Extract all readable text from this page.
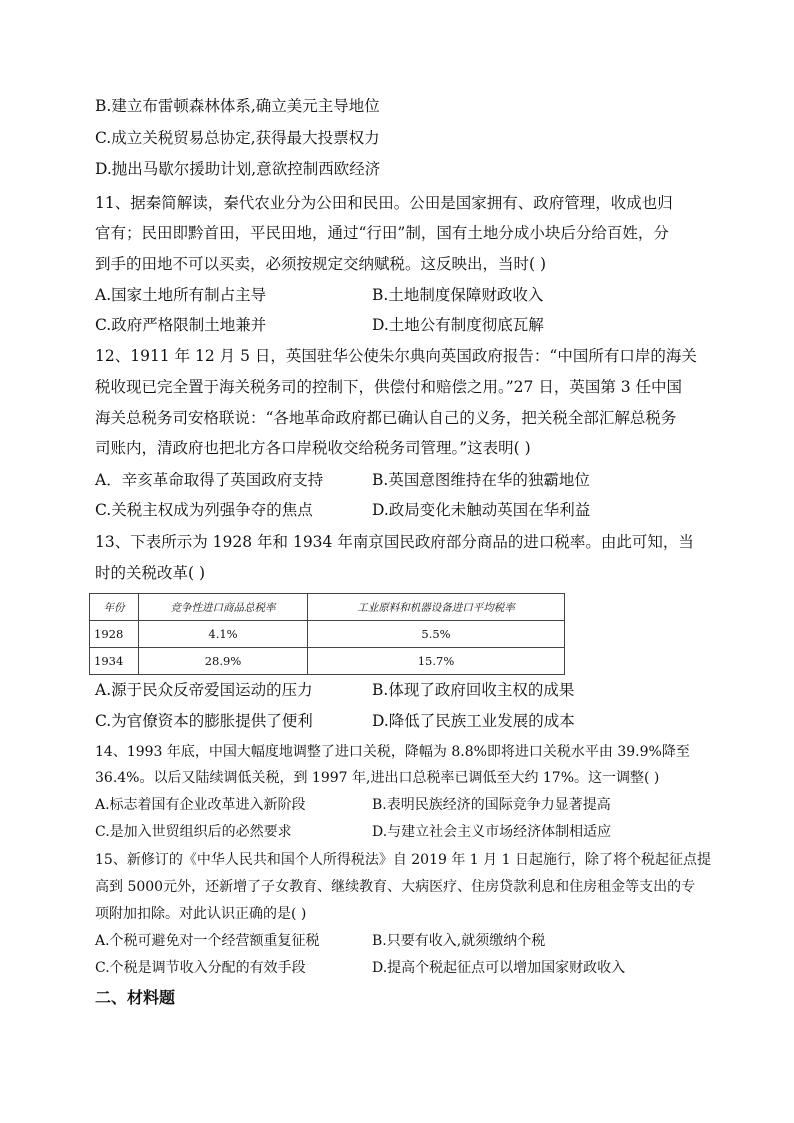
B.建立布雷顿森林体系,确立美元主导地位
C.成立关税贸易总协定,获得最大投票权力
D.抛出马歇尔援助计划,意欲控制西欧经济
11、据秦简解读，秦代农业分为公田和民田。公田是国家拥有、政府管理，收成也归
官有；民田即黔首田，平民田地，通过“行田”制，国有土地分成小块后分给百姓，分
到手的田地不可以买卖，必须按规定交纳赋税。这反映出，当时( )
A.国家土地所有制占主导	B.土地制度保障财政收入
C.政府严格限制土地兼并	D.土地公有制度彻底瓦解
12、1911 年 12 月 5 日，英国驻华公使朱尔典向英国政府报告：“中国所有口岸的海关
税收现已完全置于海关税务司的控制下，供偿付和赔偿之用。”27 日，英国第 3 任中国
海关总税务司安格联说：“各地革命政府都已确认自己的义务，把关税全部汇解总税务
司账内，清政府也把北方各口岸税收交给税务司管理。”这表明( )
A．辛亥革命取得了英国政府支持	B.英国意图维持在华的独霸地位
C.关税主权成为列强争夺的焦点	D.政局变化未触动英国在华利益
13、下表所示为 1928 年和 1934 年南京国民政府部分商品的进口税率。由此可知，当
时的关税改革( )
年份	竞争性进口商品总税率	工业原料和机器设备进口平均税率
1928	4.1%	5.5%
1934	28.9%	15.7%
A.源于民众反帝爱国运动的压力	B.体现了政府回收主权的成果
C.为官僚资本的膨胀提供了便利	D.降低了民族工业发展的成本
14、1993 年底，中国大幅度地调整了进口关税，降幅为 8.8%即将进口关税水平由 39.9%降至
36.4%。以后又陆续调低关税，到 1997 年,进出口总税率已调低至大约 17%。这一调整( )
A.标志着国有企业改革进入新阶段	B.表明民族经济的国际竞争力显著提高
C.是加入世贸组织后的必然要求	D.与建立社会主义市场经济体制相适应
15、新修订的《中华人民共和国个人所得税法》自 2019 年 1 月 1 日起施行，除了将个税起征点提
高到 5000元外，还新增了子女教育、继续教育、大病医疗、住房贷款利息和住房租金等支出的专
项附加扣除。对此认识正确的是( )
A.个税可避免对一个经营额重复征税	B.只要有收入,就须缴纳个税
C.个税是调节收入分配的有效手段	D.提高个税起征点可以增加国家财政收入
二、材料题
